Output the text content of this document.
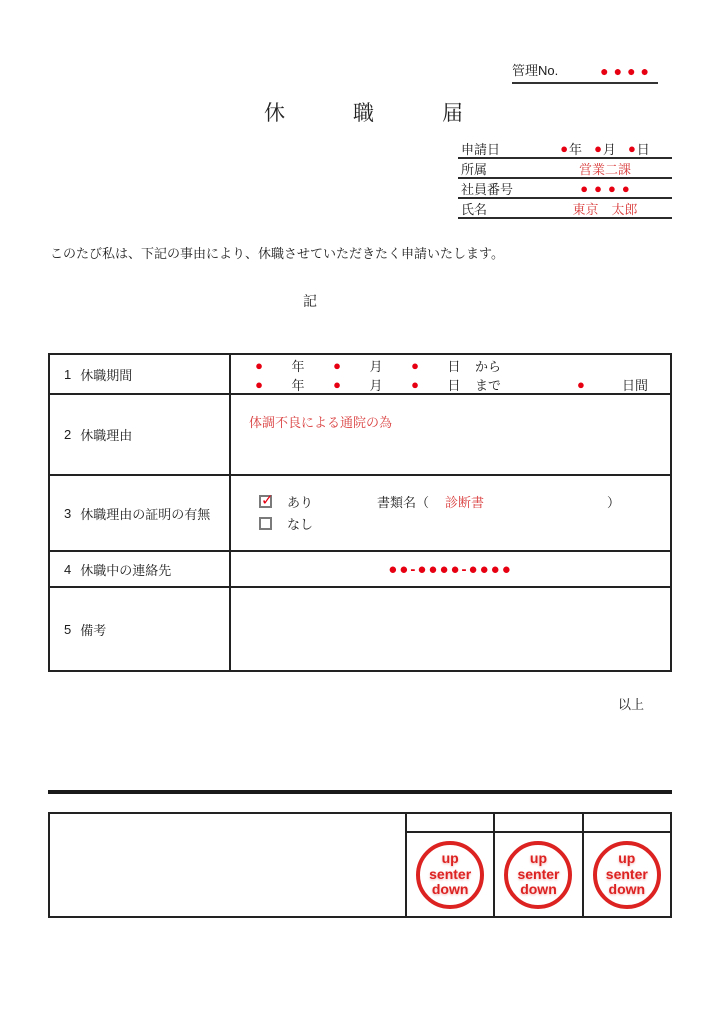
管理No.	●●●●
休職届
申請日	● 年 ● 月 ● 日
所属	営業二課
社員番号	●●●●
氏名	東京　太郎

このたび私は、下記の事由により、休職させていただきたく申請いたします。

記
1 休職期間
●	年	●	月	●	日	から
●	年	●	月	●	日	まで	●	日間
2 休職理由
体調不良による通院の為
3 休職理由の証明の有無
✓ あり	書類名（ 診断書	）
なし
4 休職中の連絡先	●●-●●●●-●●●●
5 備考
以上
up
senter
down
up
senter
down
up
senter
down
